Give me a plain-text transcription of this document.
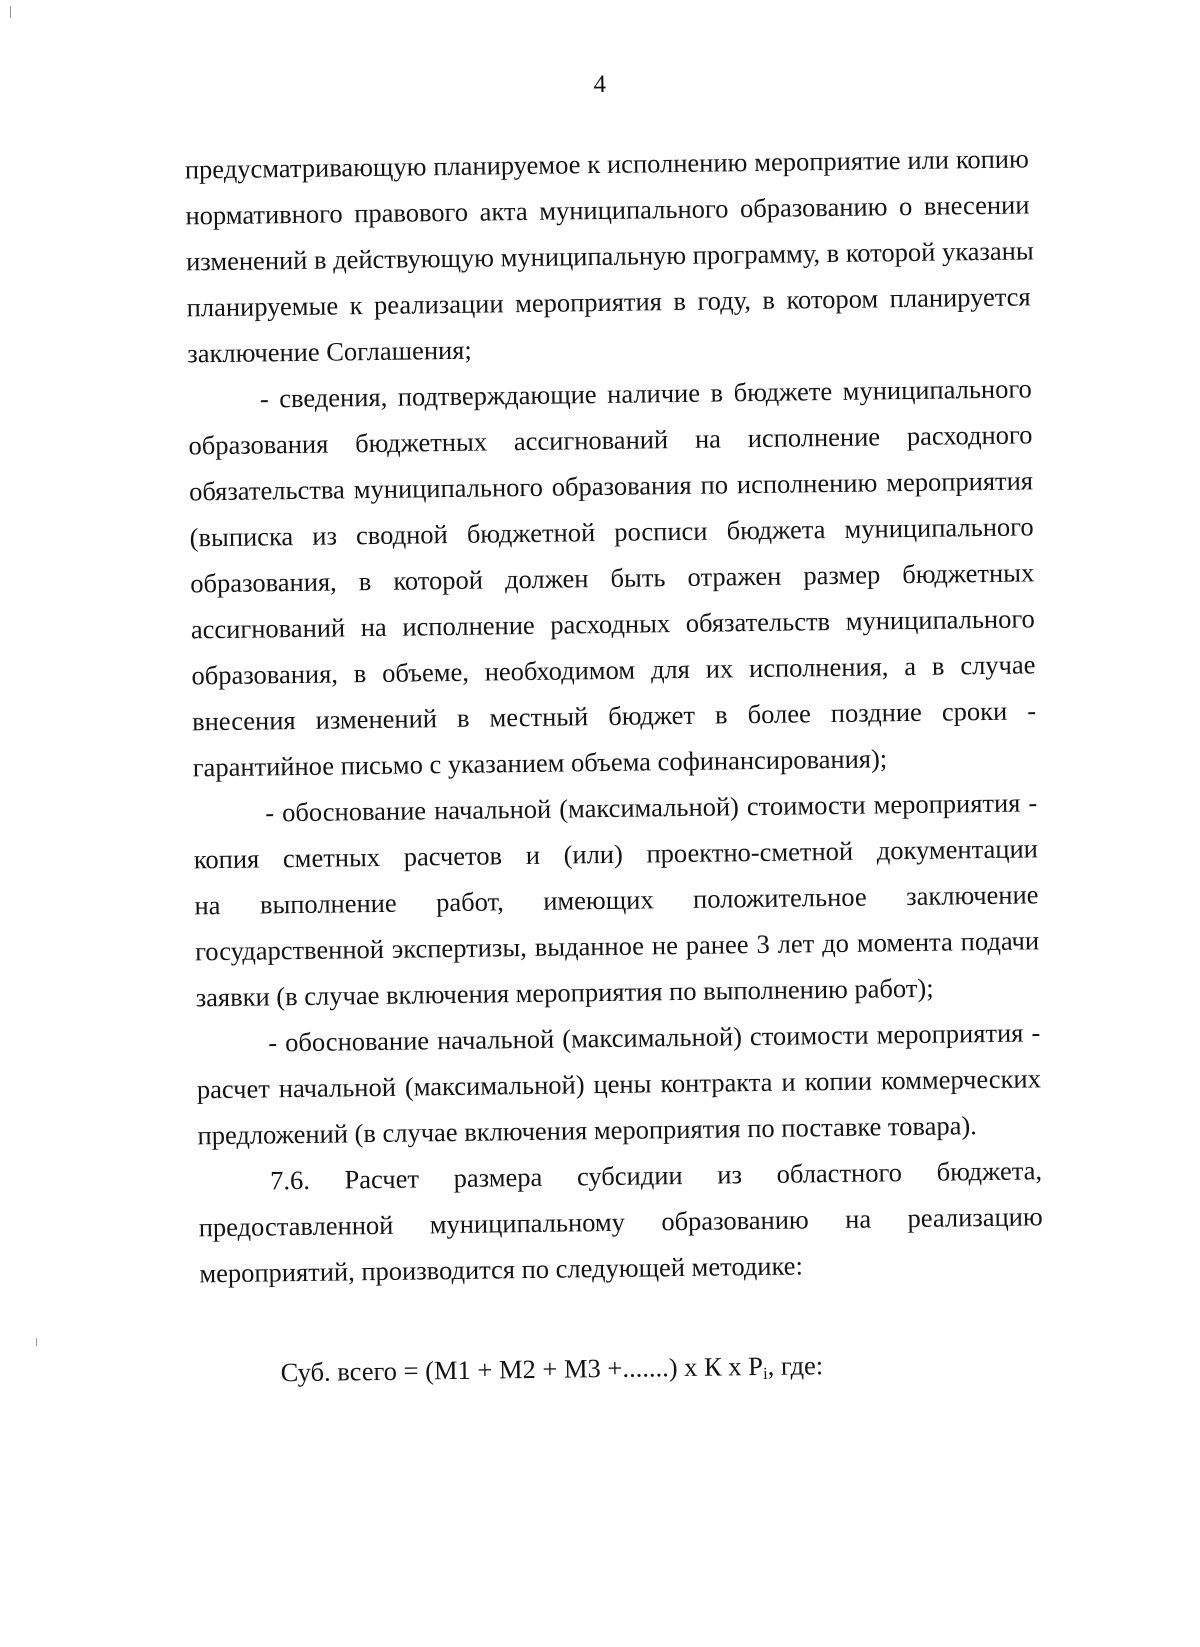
4
предусматривающую планируемое к исполнению мероприятие или копию
нормативного правового акта муниципального образованию о внесении
изменений в действующую муниципальную программу, в которой указаны
планируемые к реализации мероприятия в году, в котором планируется
заключение Соглашения;
- сведения, подтверждающие наличие в бюджете муниципального
образования бюджетных ассигнований на исполнение расходного
обязательства муниципального образования по исполнению мероприятия
(выписка из сводной бюджетной росписи бюджета муниципального
образования, в которой должен быть отражен размер бюджетных
ассигнований на исполнение расходных обязательств муниципального
образования, в объеме, необходимом для их исполнения, а в случае
внесения изменений в местный бюджет в более поздние сроки -
гарантийное письмо с указанием объема софинансирования);
- обоснование начальной (максимальной) стоимости мероприятия -
копия сметных расчетов и (или) проектно-сметной документации
на выполнение работ, имеющих положительное заключение
государственной экспертизы, выданное не ранее 3 лет до момента подачи
заявки (в случае включения мероприятия по выполнению работ);
- обоснование начальной (максимальной) стоимости мероприятия -
расчет начальной (максимальной) цены контракта и копии коммерческих
предложений (в случае включения мероприятия по поставке товара).
7.6. Расчет размера субсидии из областного бюджета,
предоставленной муниципальному образованию на реализацию
мероприятий, производится по следующей методике:
Суб. всего = (M1 + M2 + M3 +.......) x К x $P_i$, где:
